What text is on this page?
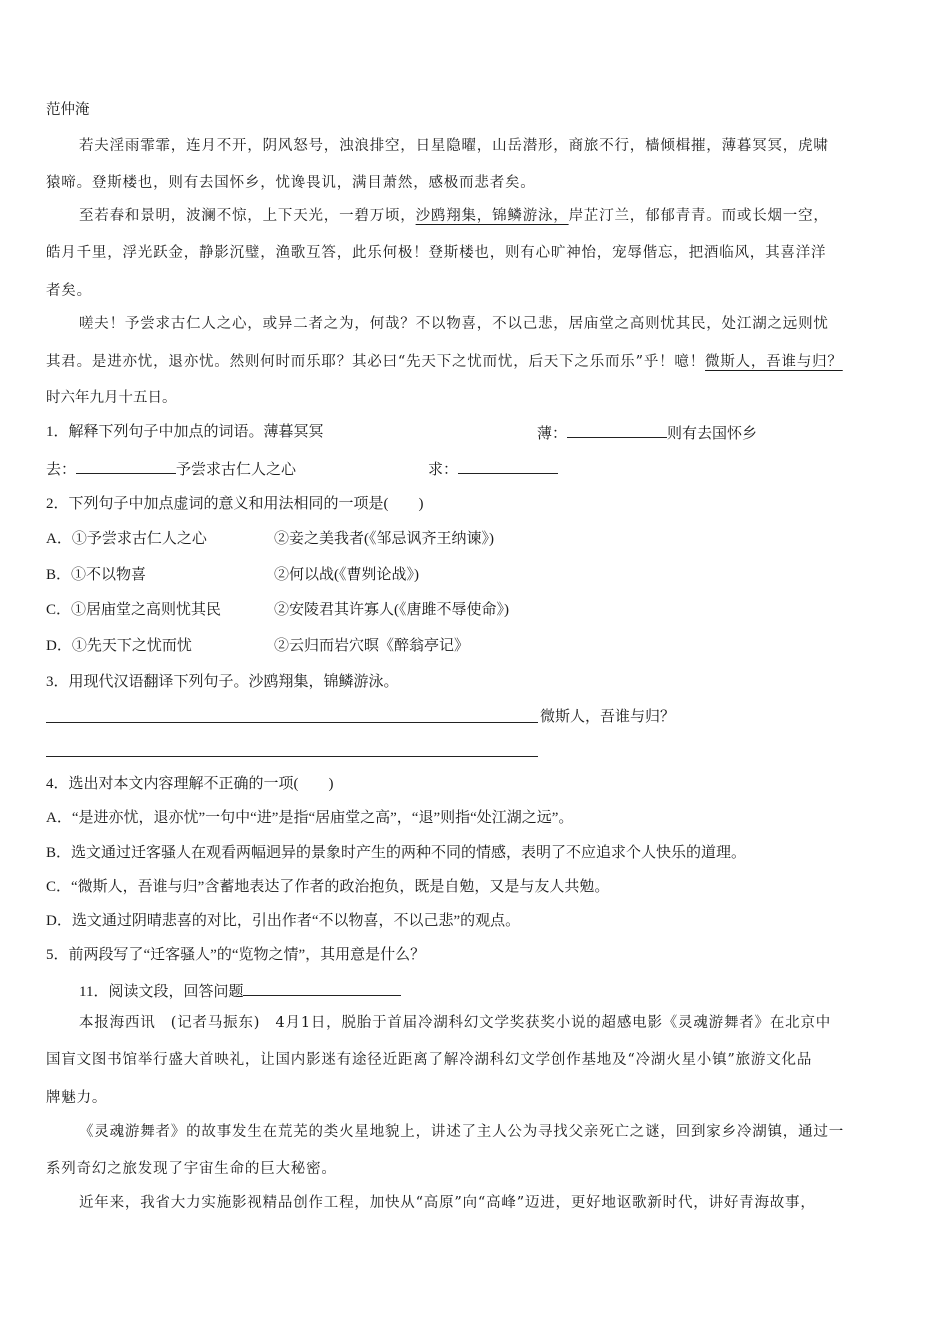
范仲淹
若夫淫雨霏霏，连月不开，阴风怒号，浊浪排空，日星隐曜，山岳潜形，商旅不行，樯倾楫摧，薄暮冥冥，虎啸
猿啼。登斯楼也，则有去国怀乡，忧谗畏讥，满目萧然，感极而悲者矣。
至若春和景明，波澜不惊，上下天光，一碧万顷，沙鸥翔集，锦鳞游泳，岸芷汀兰，郁郁青青。而或长烟一空，
皓月千里，浮光跃金，静影沉璧，渔歌互答，此乐何极！登斯楼也，则有心旷神怡，宠辱偕忘，把酒临风，其喜洋洋
者矣。
嗟夫！予尝求古仁人之心，或异二者之为，何哉？不以物喜，不以己悲，居庙堂之高则忧其民，处江湖之远则忧
其君。是进亦忧，退亦忧。然则何时而乐耶？其必曰“先天下之忧而忧，后天下之乐而乐”乎！噫！微斯人，吾谁与归？
时六年九月十五日。
1．解释下列句子中加点的词语。薄暮冥冥	薄：	则有去国怀乡
去：	予尝求古仁人之心	求：
2．下列句子中加点虚词的意义和用法相同的一项是(　　)
A．①予尝求古仁人之心	②妾之美我者(《邹忌讽齐王纳谏》)
B．①不以物喜	②何以战(《曹刿论战》)
C．①居庙堂之高则忧其民	②安陵君其许寡人(《唐雎不辱使命》)
D．①先天下之忧而忧	②云归而岩穴暝《醉翁亭记》
3．用现代汉语翻译下列句子。沙鸥翔集，锦鳞游泳。
微斯人，吾谁与归？
4．选出对本文内容理解不正确的一项(　　)
A．“是进亦忧，退亦忧”一句中“进”是指“居庙堂之高”，“退”则指“处江湖之远”。
B．选文通过迁客骚人在观看两幅迥异的景象时产生的两种不同的情感，表明了不应追求个人快乐的道理。
C．“微斯人，吾谁与归”含蓄地表达了作者的政治抱负，既是自勉，又是与友人共勉。
D．选文通过阴晴悲喜的对比，引出作者“不以物喜，不以己悲”的观点。
5．前两段写了“迁客骚人”的“览物之情”，其用意是什么？
11．阅读文段，回答问题
本报海西讯　(记者马振东)　4月1日，脱胎于首届冷湖科幻文学奖获奖小说的超感电影《灵魂游舞者》在北京中
国盲文图书馆举行盛大首映礼，让国内影迷有途径近距离了解冷湖科幻文学创作基地及“冷湖火星小镇”旅游文化品
牌魅力。
《灵魂游舞者》的故事发生在荒芜的类火星地貌上，讲述了主人公为寻找父亲死亡之谜，回到家乡冷湖镇，通过一
系列奇幻之旅发现了宇宙生命的巨大秘密。
近年来，我省大力实施影视精品创作工程，加快从“高原”向“高峰”迈进，更好地讴歌新时代，讲好青海故事，
